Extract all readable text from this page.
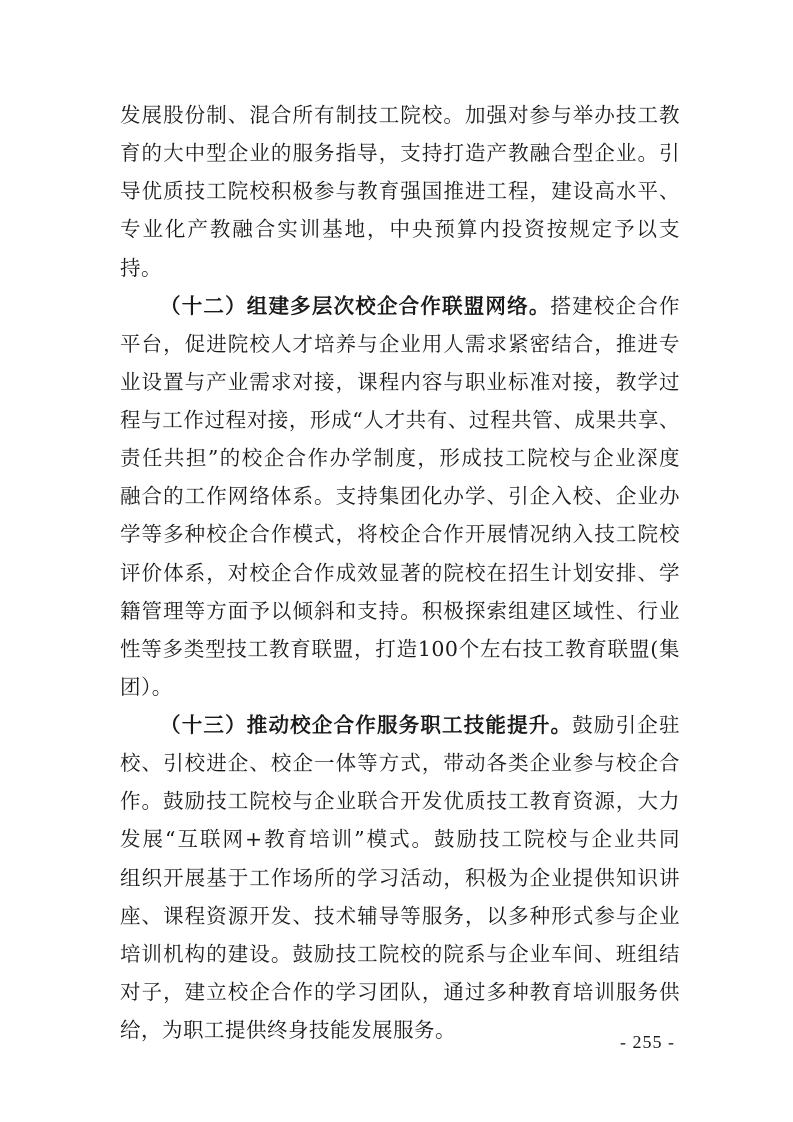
发展股份制、混合所有制技工院校。加强对参与举办技工教
育的大中型企业的服务指导，支持打造产教融合型企业。引
导优质技工院校积极参与教育强国推进工程，建设高水平、
专业化产教融合实训基地，中央预算内投资按规定予以支
持。
（十二）组建多层次校企合作联盟网络。搭建校企合作
平台，促进院校人才培养与企业用人需求紧密结合，推进专
业设置与产业需求对接，课程内容与职业标准对接，教学过
程与工作过程对接，形成“人才共有、过程共管、成果共享、
责任共担”的校企合作办学制度，形成技工院校与企业深度
融合的工作网络体系。支持集团化办学、引企入校、企业办
学等多种校企合作模式，将校企合作开展情况纳入技工院校
评价体系，对校企合作成效显著的院校在招生计划安排、学
籍管理等方面予以倾斜和支持。积极探索组建区域性、行业
性等多类型技工教育联盟，打造100个左右技工教育联盟(集
团）。
（十三）推动校企合作服务职工技能提升。鼓励引企驻
校、引校进企、校企一体等方式，带动各类企业参与校企合
作。鼓励技工院校与企业联合开发优质技工教育资源，大力
发展“互联网+教育培训”模式。鼓励技工院校与企业共同
组织开展基于工作场所的学习活动，积极为企业提供知识讲
座、课程资源开发、技术辅导等服务，以多种形式参与企业
培训机构的建设。鼓励技工院校的院系与企业车间、班组结
对子，建立校企合作的学习团队，通过多种教育培训服务供
给，为职工提供终身技能发展服务。	- 255 -
